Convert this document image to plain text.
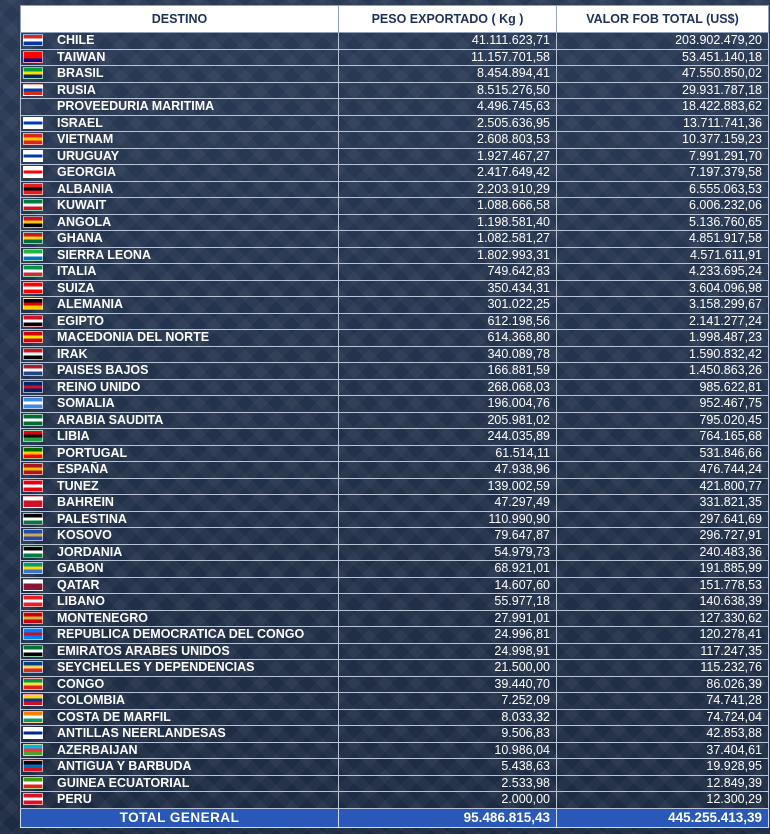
DESTINO	PESO EXPORTADO ( Kg )	VALOR FOB TOTAL (US$)
CHILE	41.111.623,71	203.902.479,20
TAIWAN	11.157.701,58	53.451.140,18
BRASIL	8.454.894,41	47.550.850,02
RUSIA	8.515.276,50	29.931.787,18
PROVEEDURIA MARITIMA	4.496.745,63	18.422.883,62
ISRAEL	2.505.636,95	13.711.741,36
VIETNAM	2.608.803,53	10.377.159,23
URUGUAY	1.927.467,27	7.991.291,70
GEORGIA	2.417.649,42	7.197.379,58
ALBANIA	2.203.910,29	6.555.063,53
KUWAIT	1.088.666,58	6.006.232,06
ANGOLA	1.198.581,40	5.136.760,65
GHANA	1.082.581,27	4.851.917,58
SIERRA LEONA	1.802.993,31	4.571.611,91
ITALIA	749.642,83	4.233.695,24
SUIZA	350.434,31	3.604.096,98
ALEMANIA	301.022,25	3.158.299,67
EGIPTO	612.198,56	2.141.277,24
MACEDONIA DEL NORTE	614.368,80	1.998.487,23
IRAK	340.089,78	1.590.832,42
PAISES BAJOS	166.881,59	1.450.863,26
REINO UNIDO	268.068,03	985.622,81
SOMALIA	196.004,76	952.467,75
ARABIA SAUDITA	205.981,02	795.020,45
LIBIA	244.035,89	764.165,68
PORTUGAL	61.514,11	531.846,66
ESPAÑA	47.938,96	476.744,24
TUNEZ	139.002,59	421.800,77
BAHREIN	47.297,49	331.821,35
PALESTINA	110.990,90	297.641,69
KOSOVO	79.647,87	296.727,91
JORDANIA	54.979,73	240.483,36
GABON	68.921,01	191.885,99
QATAR	14.607,60	151.778,53
LIBANO	55.977,18	140.638,39
MONTENEGRO	27.991,01	127.330,62
REPUBLICA DEMOCRATICA DEL CONGO	24.996,81	120.278,41
EMIRATOS ARABES UNIDOS	24.998,91	117.247,35
SEYCHELLES Y DEPENDENCIAS	21.500,00	115.232,76
CONGO	39.440,70	86.026,39
COLOMBIA	7.252,09	74.741,28
COSTA DE MARFIL	8.033,32	74.724,04
ANTILLAS NEERLANDESAS	9.506,83	42.853,88
AZERBAIJAN	10.986,04	37.404,61
ANTIGUA Y BARBUDA	5.438,63	19.928,95
GUINEA ECUATORIAL	2.533,98	12.849,39
PERU	2.000,00	12.300,29
TOTAL GENERAL	95.486.815,43	445.255.413,39
